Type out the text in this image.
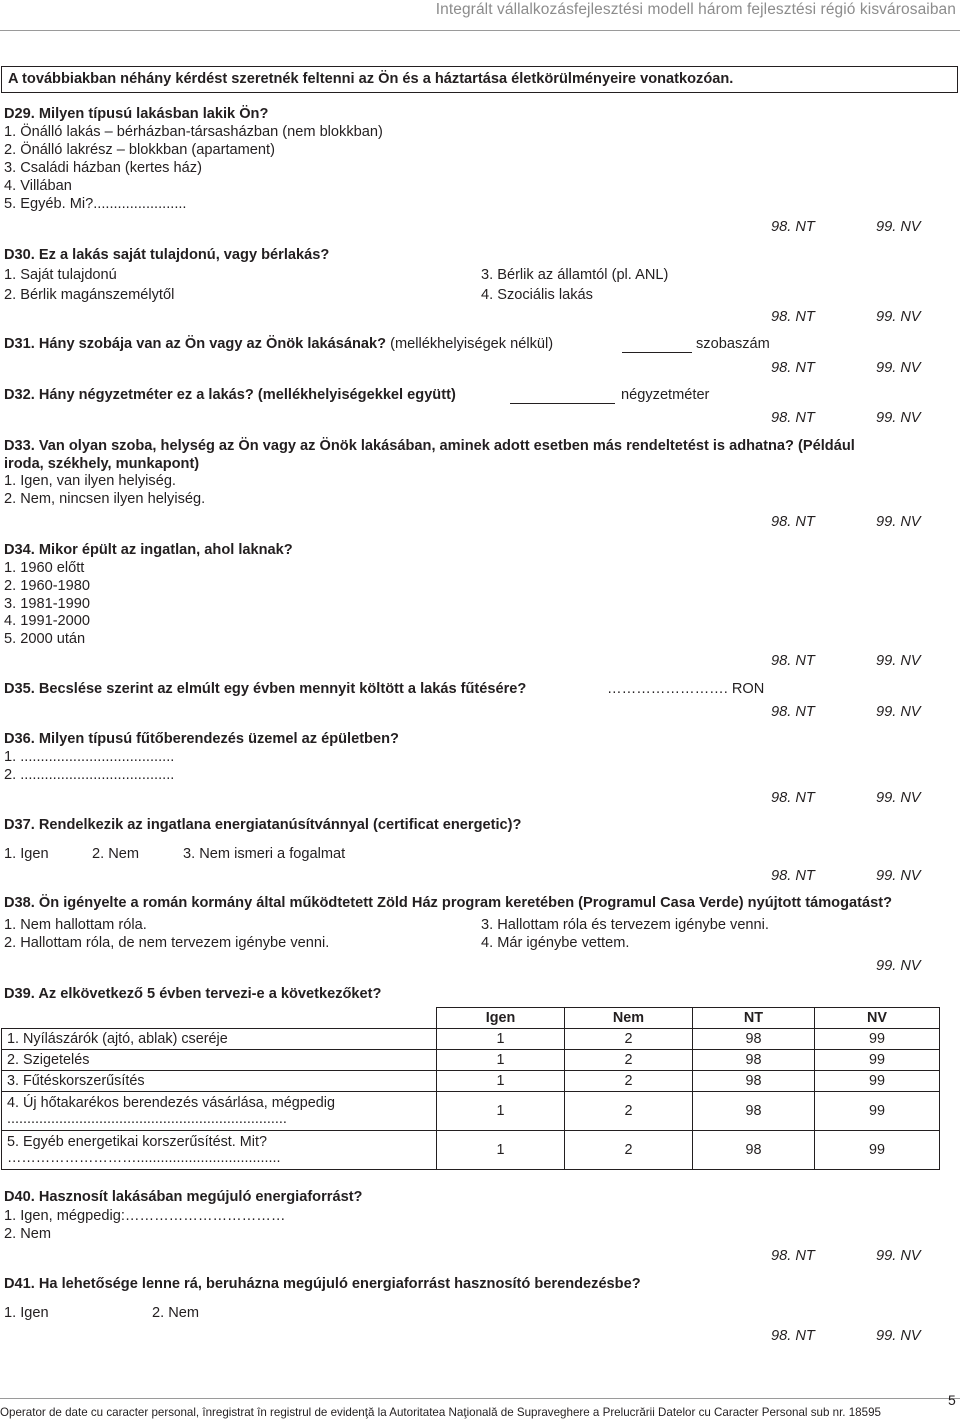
Integrált vállalkozásfejlesztési modell három fejlesztési régió kisvárosaiban
A továbbiakban néhány kérdést szeretnék feltenni az Ön és a háztartása életkörülményeire vonatkozóan.
D29. Milyen típusú lakásban lakik Ön?
1. Önálló lakás – bérházban-társasházban (nem blokkban)
2. Önálló lakrész – blokkban (apartament)
3. Családi házban (kertes ház)
4. Villában
5. Egyéb. Mi?.......................
98. NT	99. NV
D30. Ez a lakás saját tulajdonú, vagy bérlakás?
1. Saját tulajdonú
2. Bérlik magánszemélytől
3. Bérlik az államtól (pl. ANL)
4. Szociális lakás
98. NT	99. NV
D31. Hány szobája van az Ön vagy az Önök lakásának? (mellékhelyiségek nélkül)	szobaszám
98. NT	99. NV
D32. Hány négyzetméter ez a lakás? (mellékhelyiségekkel együtt)	négyzetméter
98. NT	99. NV
D33. Van olyan szoba, helység az Ön vagy az Önök lakásában, aminek adott esetben más rendeltetést is adhatna? (Például
iroda, székhely, munkapont)
1. Igen, van ilyen helyiség.
2. Nem, nincsen ilyen helyiség.
98. NT	99. NV
D34. Mikor épült az ingatlan, ahol laknak?
1. 1960 előtt
2. 1960-1980
3. 1981-1990
4. 1991-2000
5. 2000 után
98. NT	99. NV
D35. Becslése szerint az elmúlt egy évben mennyit költött a lakás fűtésére?	……………………. RON
98. NT	99. NV
D36. Milyen típusú fűtőberendezés üzemel az épületben?
1. ......................................
2. ......................................
98. NT	99. NV
D37. Rendelkezik az ingatlana energiatanúsítvánnyal (certificat energetic)?
1. Igen	2. Nem	3. Nem ismeri a fogalmat
98. NT	99. NV
D38. Ön igényelte a román kormány által működtetett Zöld Ház program keretében (Programul Casa Verde) nyújtott támogatást?
1. Nem hallottam róla.
2. Hallottam róla, de nem tervezem igénybe venni.
3. Hallottam róla és tervezem igénybe venni.
4. Már igénybe vettem.
99. NV
D39. Az elkövetkező 5 évben tervezi-e a következőket?
	Igen	Nem	NT	NV
1. Nyílászárók (ajtó, ablak) cseréje	1	2	98	99
2. Szigetelés	1	2	98	99
3. Fűtéskorszerűsítés	1	2	98	99

4. Új hőtakarékos berendezés vásárlása, mégpedig
......................................................................	1	2	98	99

5. Egyéb energetikai korszerűsítést. Mit?
………………………....................................	1	2	98	99
D40. Hasznosít lakásában megújuló energiaforrást?
1. Igen, mégpedig:……………………………
2. Nem
98. NT	99. NV
D41. Ha lehetősége lenne rá, beruházna megújuló energiaforrást hasznosító berendezésbe?
1. Igen	2. Nem
98. NT	99. NV
Operator de date cu caracter personal, înregistrat în registrul de evidenţă la Autoritatea Naţională de Supraveghere a Prelucrării Datelor cu Caracter Personal sub nr. 18595
5
